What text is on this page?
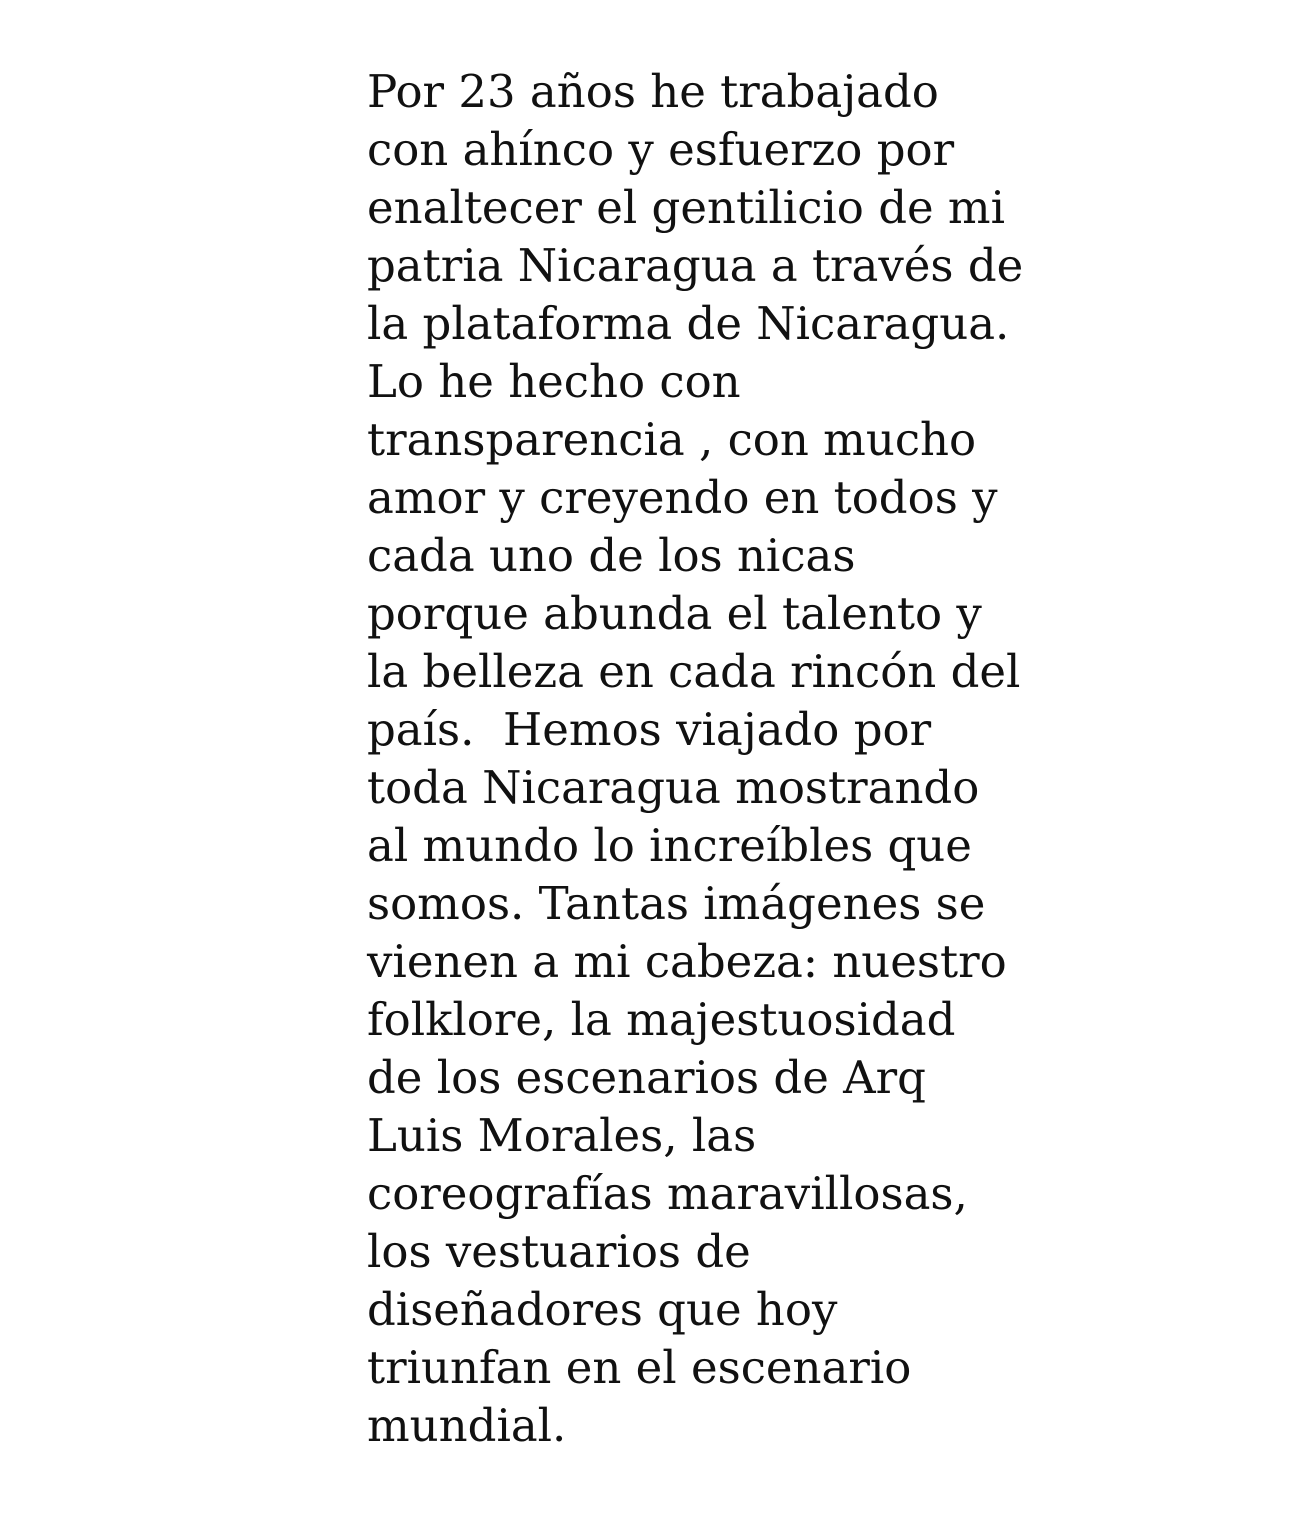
Por 23 años he trabajado
con ahínco y esfuerzo por
enaltecer el gentilicio de mi
patria Nicaragua a través de
la plataforma de Nicaragua.
Lo he hecho con
transparencia , con mucho
amor y creyendo en todos y
cada uno de los nicas
porque abunda el talento y
la belleza en cada rincón del
país.  Hemos viajado por
toda Nicaragua mostrando
al mundo lo increíbles que
somos. Tantas imágenes se
vienen a mi cabeza: nuestro
folklore, la majestuosidad
de los escenarios de Arq
Luis Morales, las
coreografías maravillosas,
los vestuarios de
diseñadores que hoy
triunfan en el escenario
mundial.
